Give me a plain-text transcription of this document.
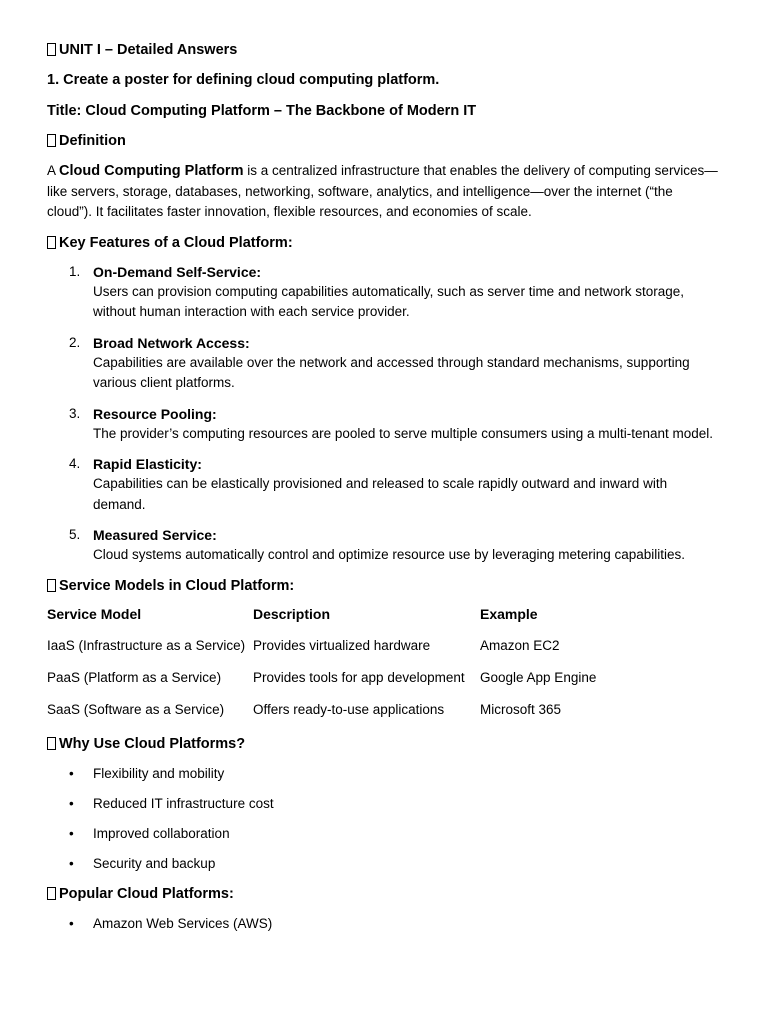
UNIT I – Detailed Answers

1. Create a poster for defining cloud computing platform.

Title: Cloud Computing Platform – The Backbone of Modern IT

Definition

A Cloud Computing Platform is a centralized infrastructure that enables the delivery of computing services—like servers, storage, databases, networking, software, analytics, and intelligence—over the internet (“the cloud”). It facilitates faster innovation, flexible resources, and economies of scale.

Key Features of a Cloud Platform:

1. On-Demand Self-Service:
Users can provision computing capabilities automatically, such as server time and network storage, without human interaction with each service provider.
2. Broad Network Access:
Capabilities are available over the network and accessed through standard mechanisms, supporting various client platforms.
3. Resource Pooling:
The provider’s computing resources are pooled to serve multiple consumers using a multi-tenant model.
4. Rapid Elasticity:
Capabilities can be elastically provisioned and released to scale rapidly outward and inward with demand.
5. Measured Service:
Cloud systems automatically control and optimize resource use by leveraging metering capabilities.

Service Models in Cloud Platform:

Service Model	Description	Example
IaaS (Infrastructure as a Service)	Provides virtualized hardware	Amazon EC2
PaaS (Platform as a Service)	Provides tools for app development	Google App Engine
SaaS (Software as a Service)	Offers ready-to-use applications	Microsoft 365

Why Use Cloud Platforms?

• Flexibility and mobility
• Reduced IT infrastructure cost
• Improved collaboration
• Security and backup

Popular Cloud Platforms:

• Amazon Web Services (AWS)
